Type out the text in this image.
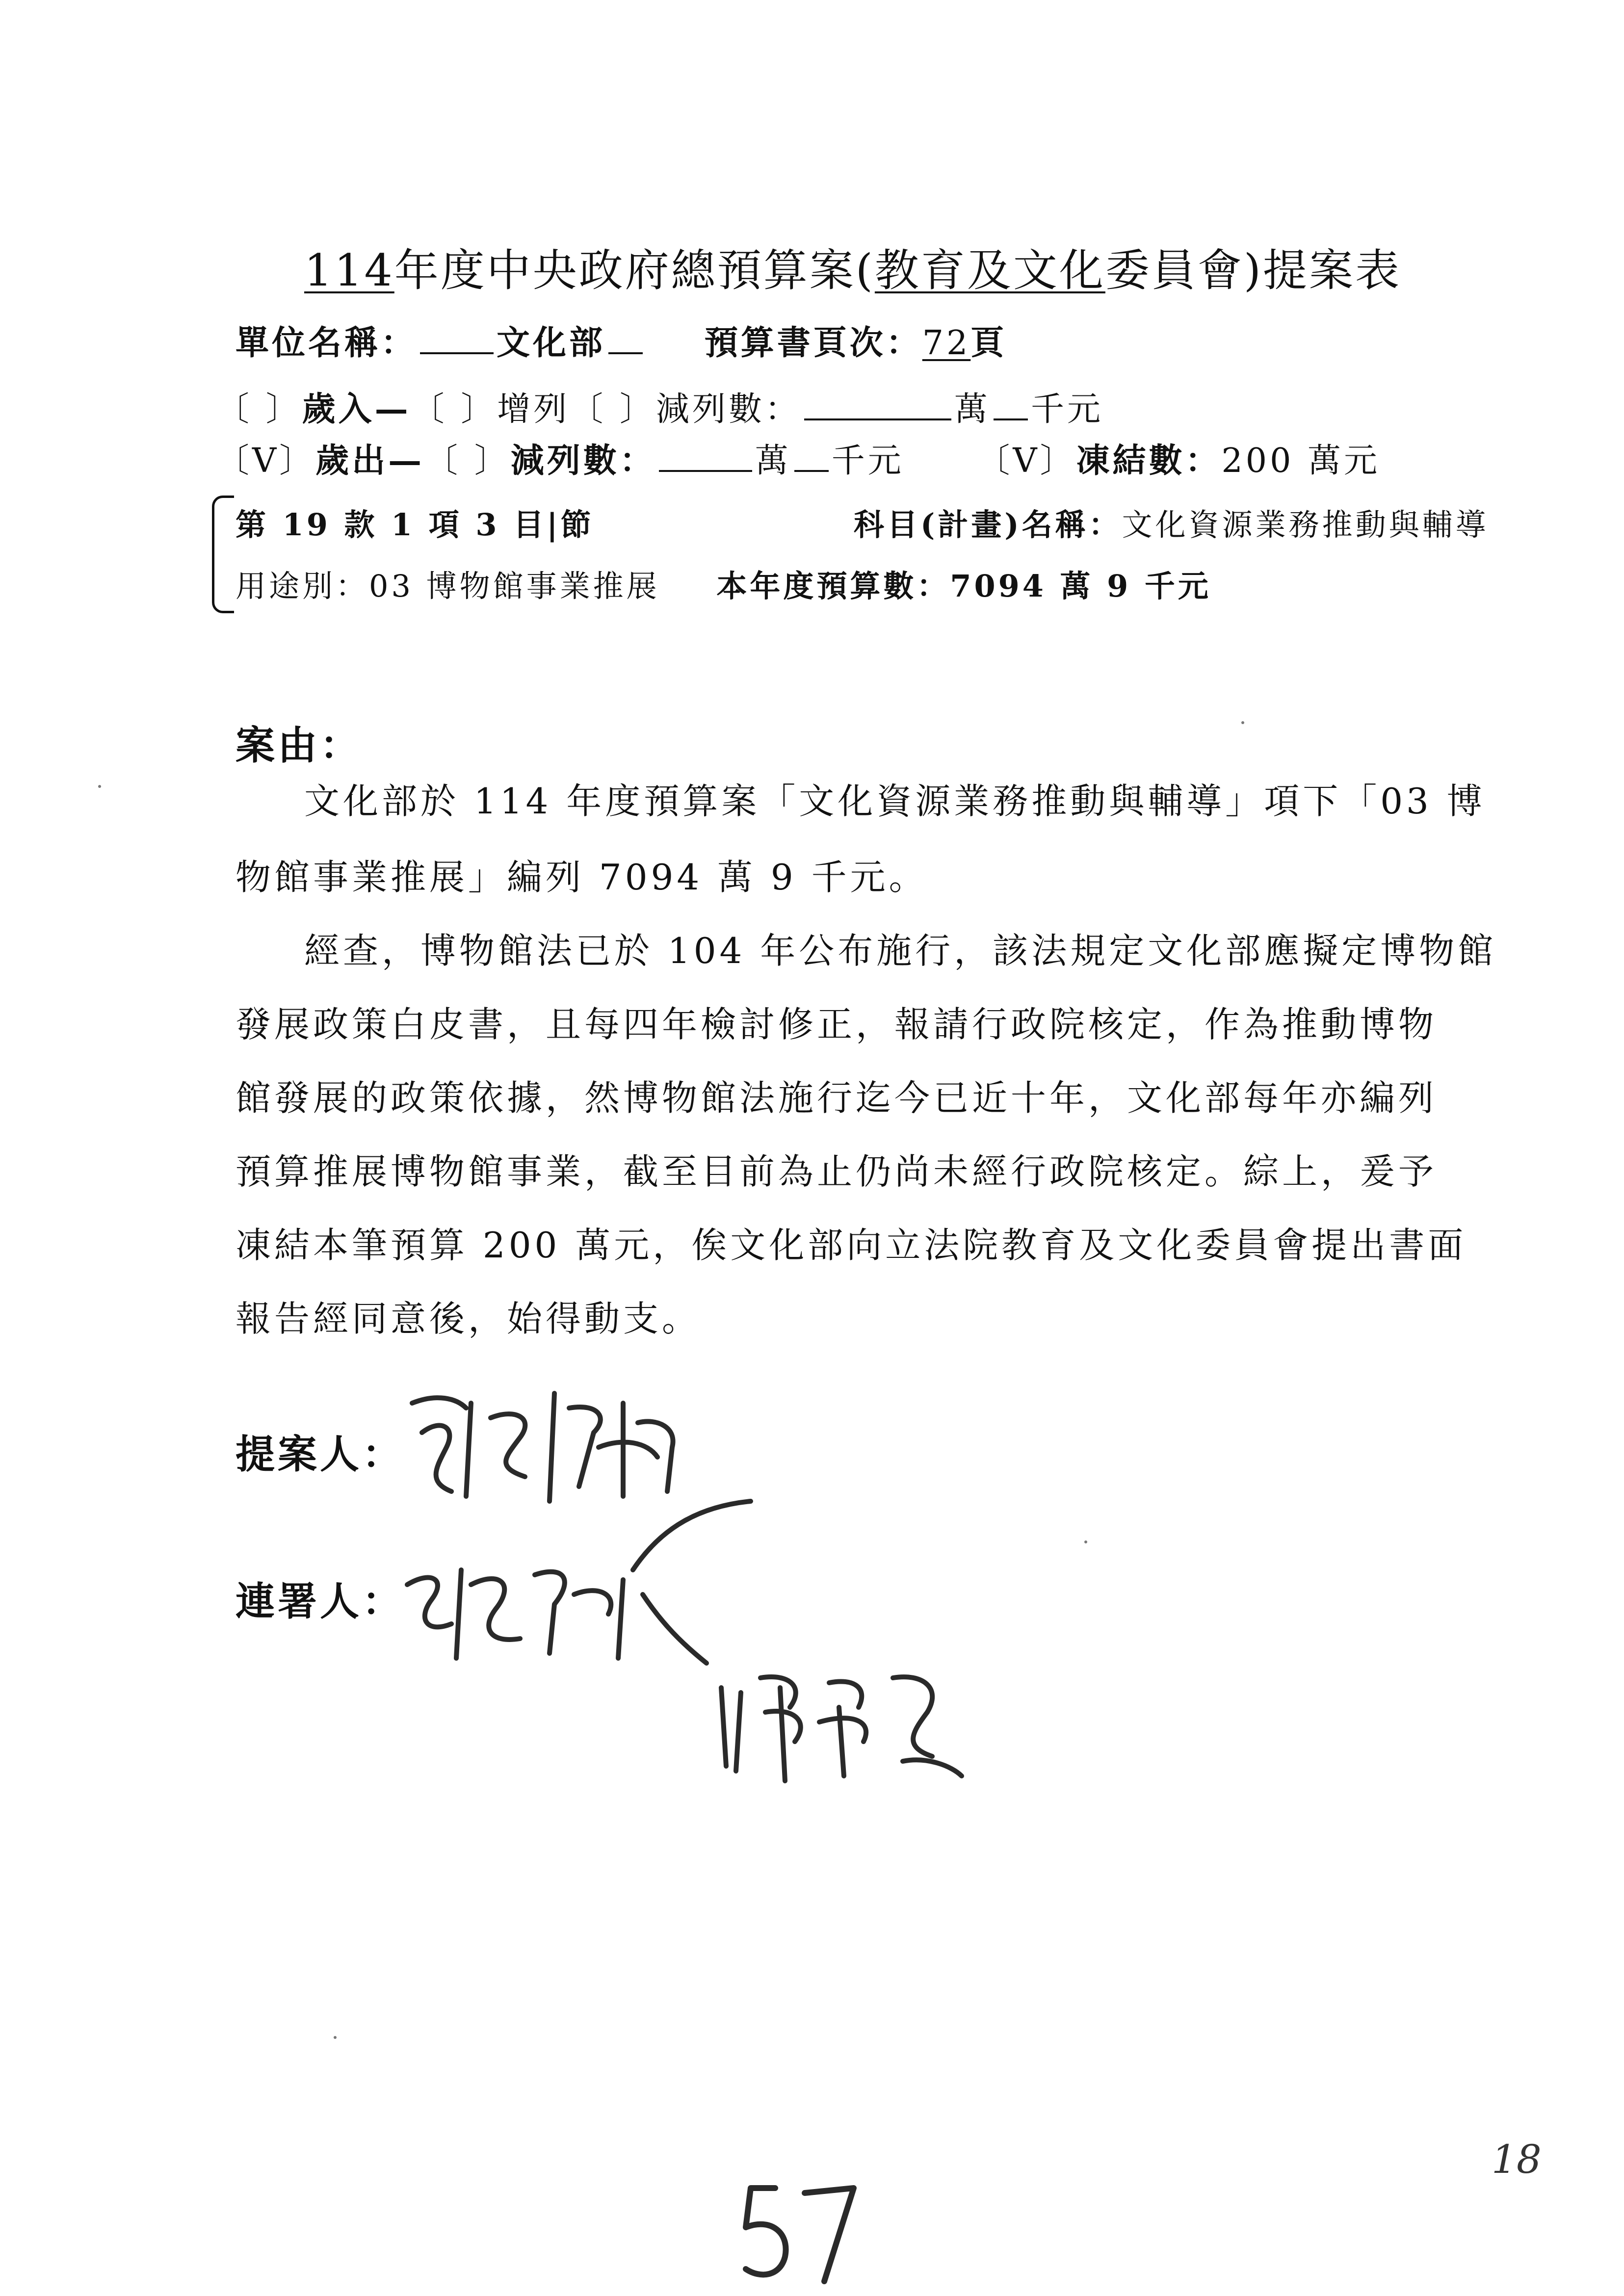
114年度中央政府總預算案(教育及文化委員會)提案表
單位名稱： 文化部	預算書頁次：72頁
〔 〕歲入—〔 〕增列〔 〕減列數：	萬 千元
〔V〕歲出—〔 〕減列數：	萬 千元 〔V〕凍結數：200 萬元
第 19 款 1 項 3 目|節	科目(計畫)名稱：文化資源業務推動與輔導
用途別：03 博物館事業推展 本年度預算數：7094 萬 9 千元
案由：
文化部於 114 年度預算案「文化資源業務推動與輔導」項下「03 博
物館事業推展」編列 7094 萬 9 千元。
經查，博物館法已於 104 年公布施行，該法規定文化部應擬定博物館
發展政策白皮書，且每四年檢討修正，報請行政院核定，作為推動博物
館發展的政策依據，然博物館法施行迄今已近十年，文化部每年亦編列
預算推展博物館事業，截至目前為止仍尚未經行政院核定。綜上，爰予
凍結本筆預算 200 萬元，俟文化部向立法院教育及文化委員會提出書面
報告經同意後，始得動支。
提案人：
連署人：
18
